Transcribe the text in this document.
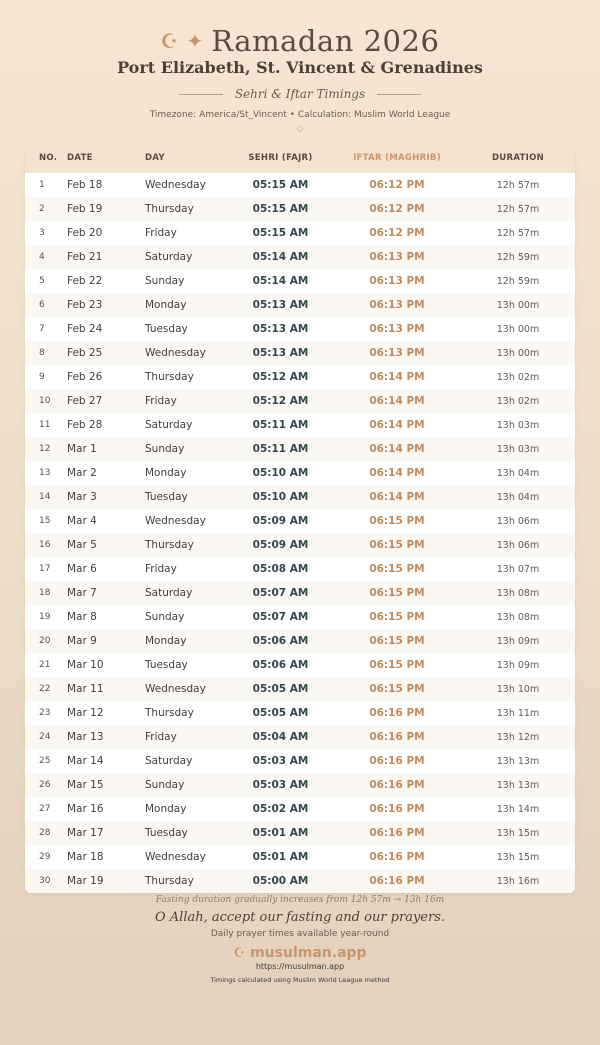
☪ ✦ Ramadan 2026
Port Elizabeth, St. Vincent & Grenadines
Sehri & Iftar Timings
Timezone: America/St_Vincent • Calculation: Muslim World League
◇
NO.	DATE	DAY	SEHRI (FAJR)	IFTAR (MAGHRIB)	DURATION
1	Feb 18	Wednesday	05:15 AM	06:12 PM	12h 57m
2	Feb 19	Thursday	05:15 AM	06:12 PM	12h 57m
3	Feb 20	Friday	05:15 AM	06:12 PM	12h 57m
4	Feb 21	Saturday	05:14 AM	06:13 PM	12h 59m
5	Feb 22	Sunday	05:14 AM	06:13 PM	12h 59m
6	Feb 23	Monday	05:13 AM	06:13 PM	13h 00m
7	Feb 24	Tuesday	05:13 AM	06:13 PM	13h 00m
8	Feb 25	Wednesday	05:13 AM	06:13 PM	13h 00m
9	Feb 26	Thursday	05:12 AM	06:14 PM	13h 02m
10	Feb 27	Friday	05:12 AM	06:14 PM	13h 02m
11	Feb 28	Saturday	05:11 AM	06:14 PM	13h 03m
12	Mar 1	Sunday	05:11 AM	06:14 PM	13h 03m
13	Mar 2	Monday	05:10 AM	06:14 PM	13h 04m
14	Mar 3	Tuesday	05:10 AM	06:14 PM	13h 04m
15	Mar 4	Wednesday	05:09 AM	06:15 PM	13h 06m
16	Mar 5	Thursday	05:09 AM	06:15 PM	13h 06m
17	Mar 6	Friday	05:08 AM	06:15 PM	13h 07m
18	Mar 7	Saturday	05:07 AM	06:15 PM	13h 08m
19	Mar 8	Sunday	05:07 AM	06:15 PM	13h 08m
20	Mar 9	Monday	05:06 AM	06:15 PM	13h 09m
21	Mar 10	Tuesday	05:06 AM	06:15 PM	13h 09m
22	Mar 11	Wednesday	05:05 AM	06:15 PM	13h 10m
23	Mar 12	Thursday	05:05 AM	06:16 PM	13h 11m
24	Mar 13	Friday	05:04 AM	06:16 PM	13h 12m
25	Mar 14	Saturday	05:03 AM	06:16 PM	13h 13m
26	Mar 15	Sunday	05:03 AM	06:16 PM	13h 13m
27	Mar 16	Monday	05:02 AM	06:16 PM	13h 14m
28	Mar 17	Tuesday	05:01 AM	06:16 PM	13h 15m
29	Mar 18	Wednesday	05:01 AM	06:16 PM	13h 15m
30	Mar 19	Thursday	05:00 AM	06:16 PM	13h 16m
Fasting duration gradually increases from 12h 57m → 13h 16m
O Allah, accept our fasting and our prayers.
Daily prayer times available year-round
☪ musulman.app
https://musulman.app
Timings calculated using Muslim World League method
